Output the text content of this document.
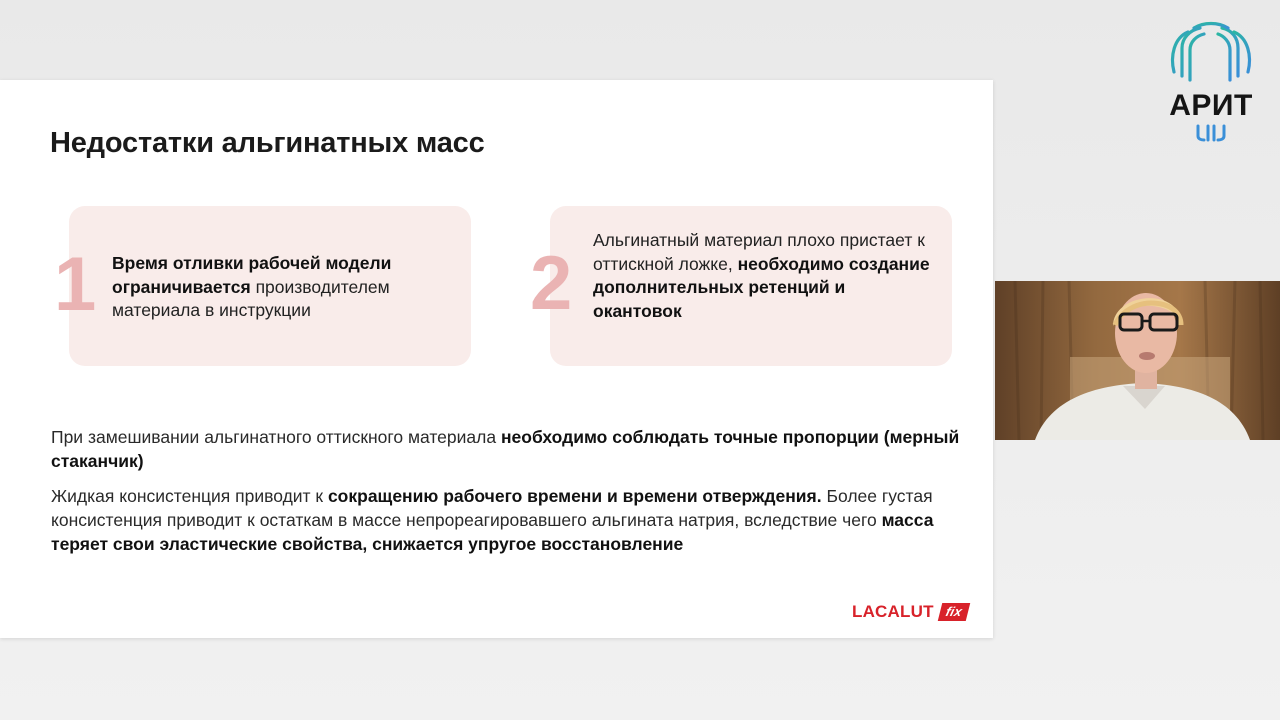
Недостатки альгинатных масс
1 Время отливки рабочей модели ограничивается производителем материала в инструкции	2
Альгинатный материал плохо пристает к оттискной ложке, необходимо создание дополнительных ретенций и окантовок

При замешивании альгинатного оттискного материала необходимо соблюдать точные пропорции (мерный стаканчик)

Жидкая консистенция приводит к сокращению рабочего времени и времени отверждения. Более густая консистенция приводит к остаткам в массе непрореагировавшего альгината натрия, вследствие чего масса теряет свои эластические свойства, снижается упругое восстановление

LACALUT fix
АРИТ
